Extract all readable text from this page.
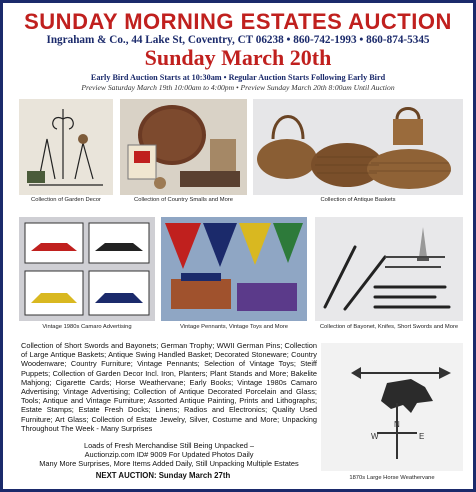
SUNDAY MORNING ESTATES AUCTION
Ingraham & Co., 44 Lake St, Coventry, CT 06238 • 860-742-1993 • 860-874-5345
Sunday March 20th
Early Bird Auction Starts at 10:30am • Regular Auction Starts Following Early Bird
Preview Saturday March 19th 10:00am to 4:00pm • Preview Sunday March 20th 8:00am Until Auction
Collection of Garden Decor	Collection of Country Smalls and More	Collection of Antique Baskets
Vintage 1980s Camaro Advertising	Vintage Pennants, Vintage Toys and More	Collection of Bayonet, Knifes, Short Swords and More
Collection of Short Swords and Bayonets; German Trophy; WWII German Pins; Collection of Large Antique Baskets; Antique Swing Handled Basket; Decorated Stoneware; Country Woodenware; Country Furniture; Vintage Pennants; Selection of Vintage Toys; Steiff Puppets; Collection of Garden Decor Incl. Iron, Planters; Plant Stands and More; Bakelite Mahjong; Cigarette Cards; Horse Weathervane; Early Books; Vintage 1980s Camaro Advertising; Vintage Advertising; Collection of Antique Decorated Porcelain and Glass; Tools; Antique and Vintage Furniture; Assorted Antique Painting, Prints and Lithographs; Estate Stamps; Estate Fresh Docks; Linens; Radios and Electronics; Quality Used Furniture; Art Glass; Collection of Estate Jewelry, Silver, Costume and More; Unpacking Throughout The Week - Many Surprises
Loads of Fresh Merchandise Still Being Unpacked –
Auctionzip.com ID# 9009 For Updated Photos Daily
Many More Surprises, More Items Added Daily, Still Unpacking Multiple Estates
NEXT AUCTION: Sunday March 27th
W	E
N
1870s Large Horse Weathervane
